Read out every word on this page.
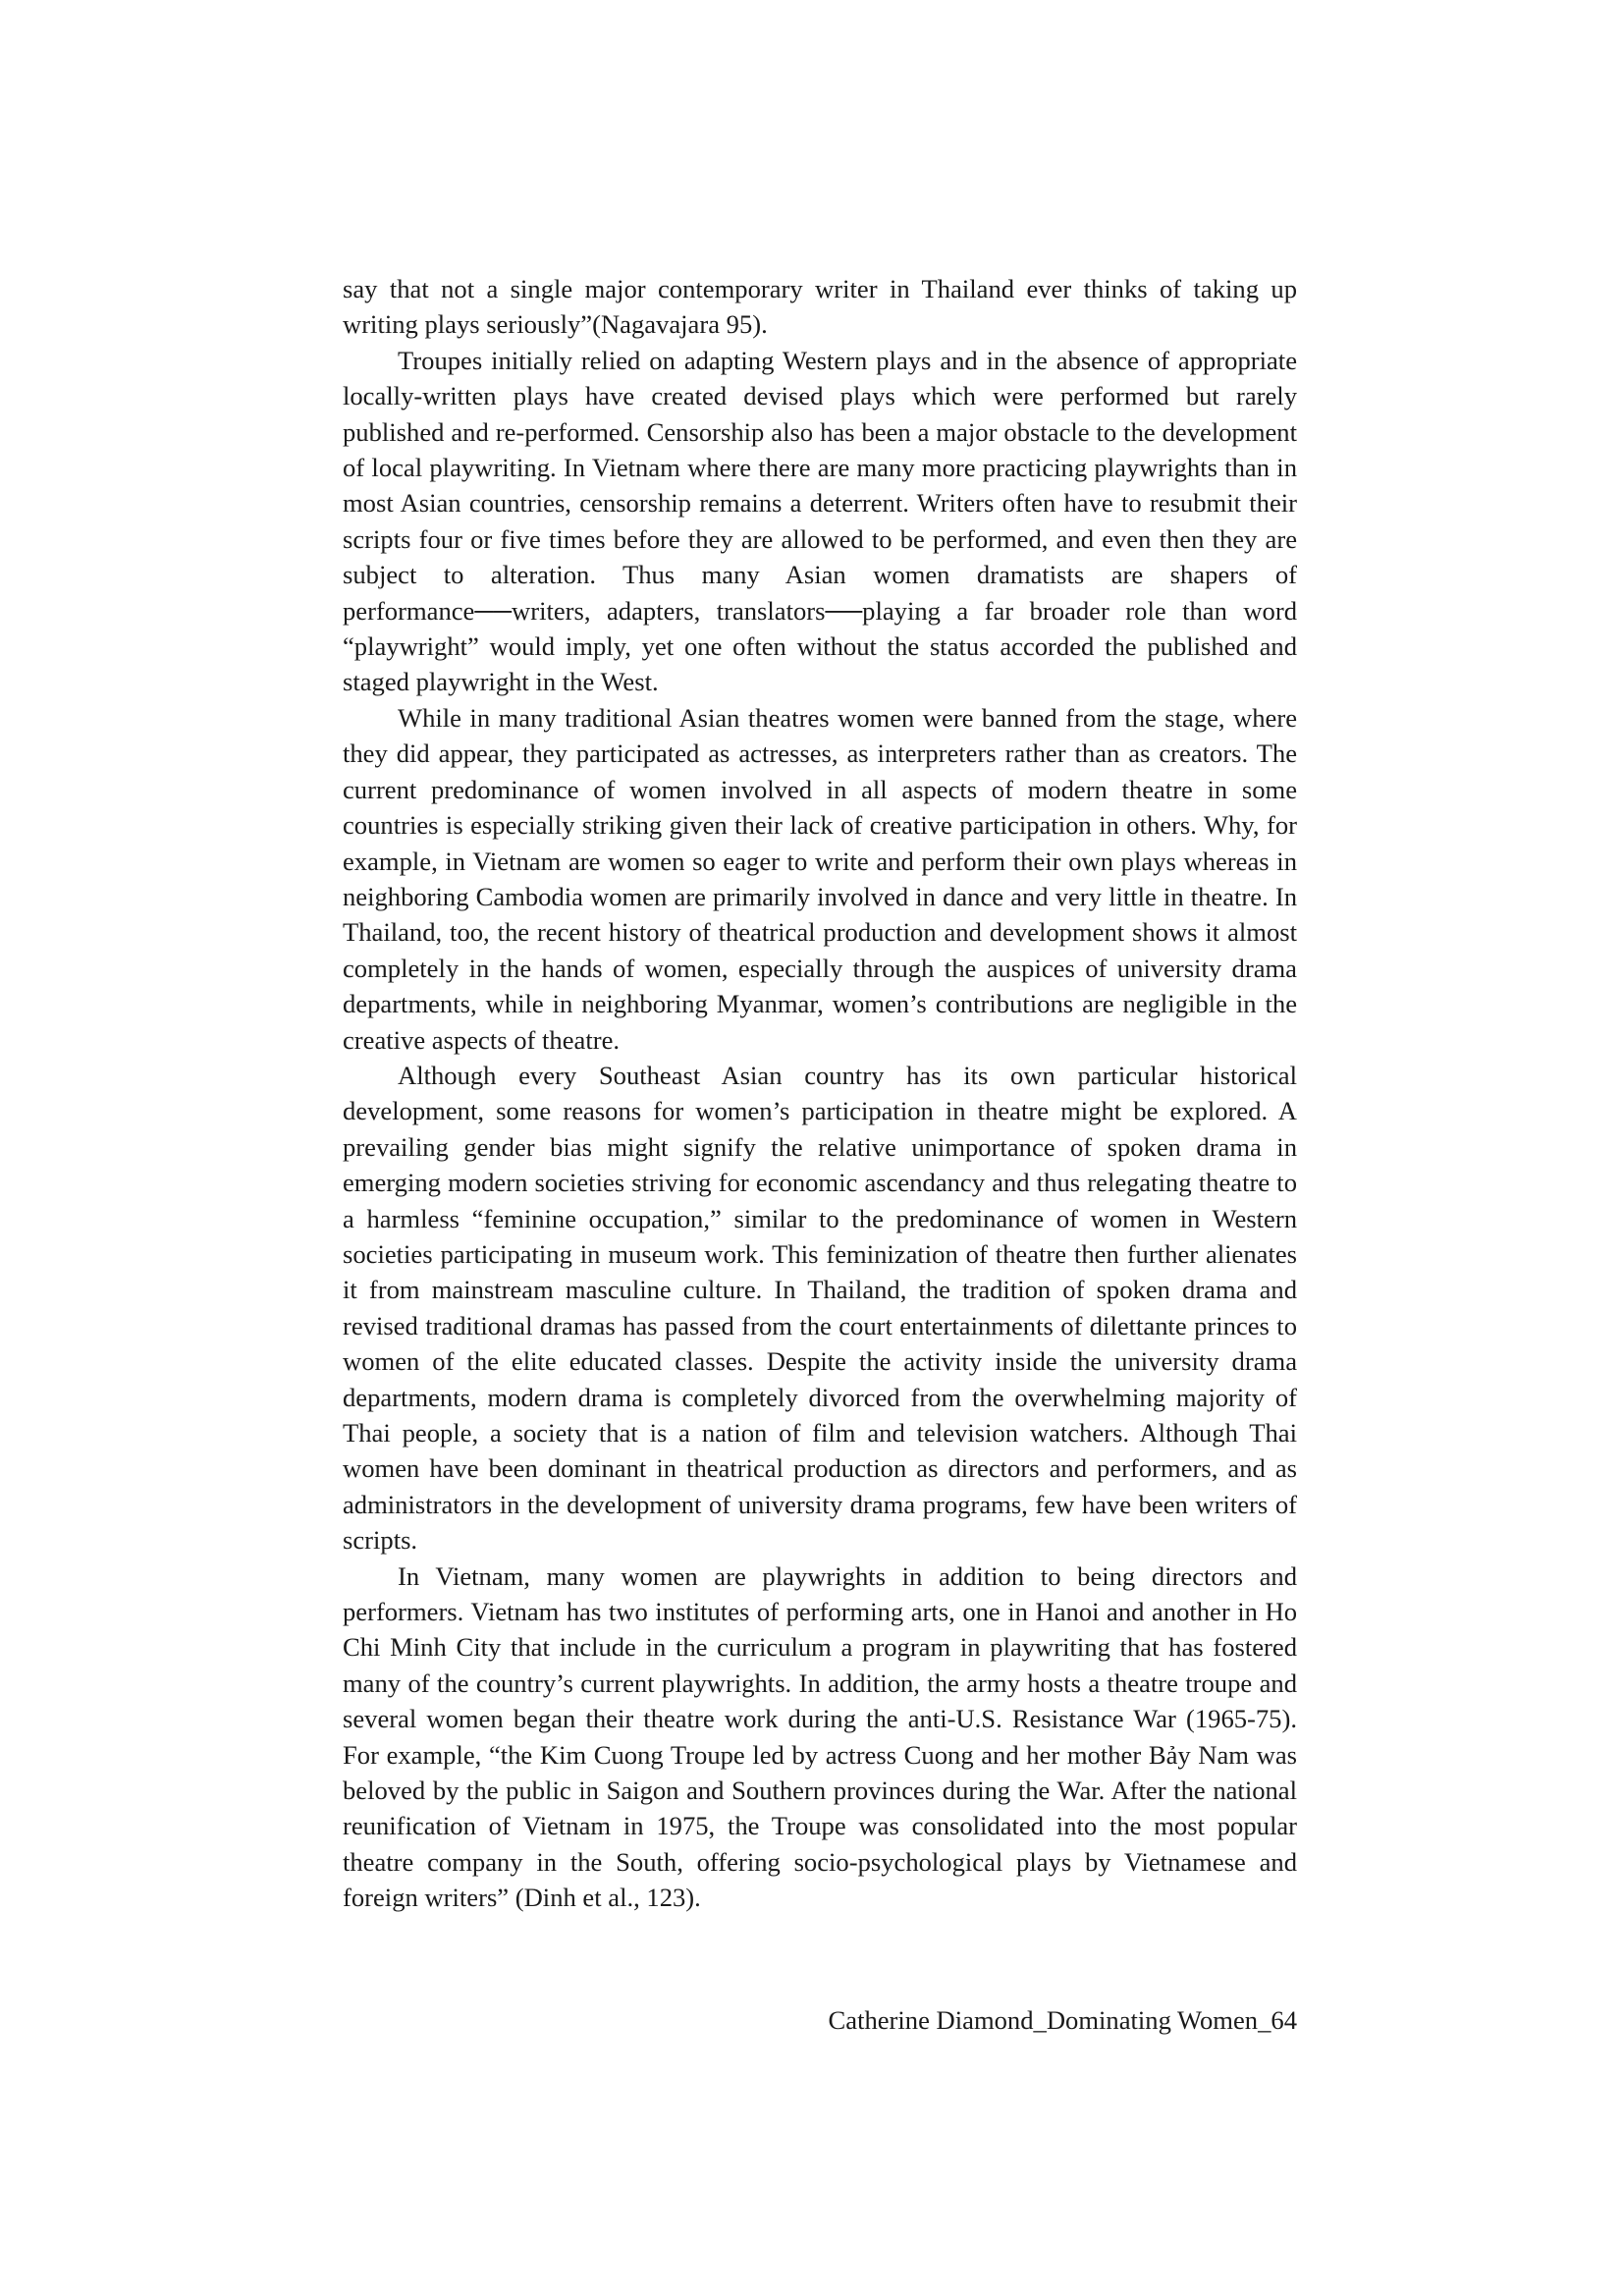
say that not a single major contemporary writer in Thailand ever thinks of taking up writing plays seriously”(Nagavajara 95).

Troupes initially relied on adapting Western plays and in the absence of appropriate locally-written plays have created devised plays which were performed but rarely published and re-performed. Censorship also has been a major obstacle to the development of local playwriting. In Vietnam where there are many more practicing playwrights than in most Asian countries, censorship remains a deterrent. Writers often have to resubmit their scripts four or five times before they are allowed to be performed, and even then they are subject to alteration. Thus many Asian women dramatists are shapers of performance──writers, adapters, translators──playing a far broader role than word “playwright” would imply, yet one often without the status accorded the published and staged playwright in the West.

While in many traditional Asian theatres women were banned from the stage, where they did appear, they participated as actresses, as interpreters rather than as creators. The current predominance of women involved in all aspects of modern theatre in some countries is especially striking given their lack of creative participation in others. Why, for example, in Vietnam are women so eager to write and perform their own plays whereas in neighboring Cambodia women are primarily involved in dance and very little in theatre. In Thailand, too, the recent history of theatrical production and development shows it almost completely in the hands of women, especially through the auspices of university drama departments, while in neighboring Myanmar, women’s contributions are negligible in the creative aspects of theatre.

Although every Southeast Asian country has its own particular historical development, some reasons for women’s participation in theatre might be explored. A prevailing gender bias might signify the relative unimportance of spoken drama in emerging modern societies striving for economic ascendancy and thus relegating theatre to a harmless “feminine occupation,” similar to the predominance of women in Western societies participating in museum work. This feminization of theatre then further alienates it from mainstream masculine culture. In Thailand, the tradition of spoken drama and revised traditional dramas has passed from the court entertainments of dilettante princes to women of the elite educated classes. Despite the activity inside the university drama departments, modern drama is completely divorced from the overwhelming majority of Thai people, a society that is a nation of film and television watchers. Although Thai women have been dominant in theatrical production as directors and performers, and as administrators in the development of university drama programs, few have been writers of scripts.

In Vietnam, many women are playwrights in addition to being directors and performers. Vietnam has two institutes of performing arts, one in Hanoi and another in Ho Chi Minh City that include in the curriculum a program in playwriting that has fostered many of the country’s current playwrights. In addition, the army hosts a theatre troupe and several women began their theatre work during the anti-U.S. Resistance War (1965-75). For example, “the Kim Cuong Troupe led by actress Cuong and her mother Bảy Nam was beloved by the public in Saigon and Southern provinces during the War. After the national reunification of Vietnam in 1975, the Troupe was consolidated into the most popular theatre company in the South, offering socio-psychological plays by Vietnamese and foreign writers” (Dinh et al., 123).

Catherine Diamond_Dominating Women_64
